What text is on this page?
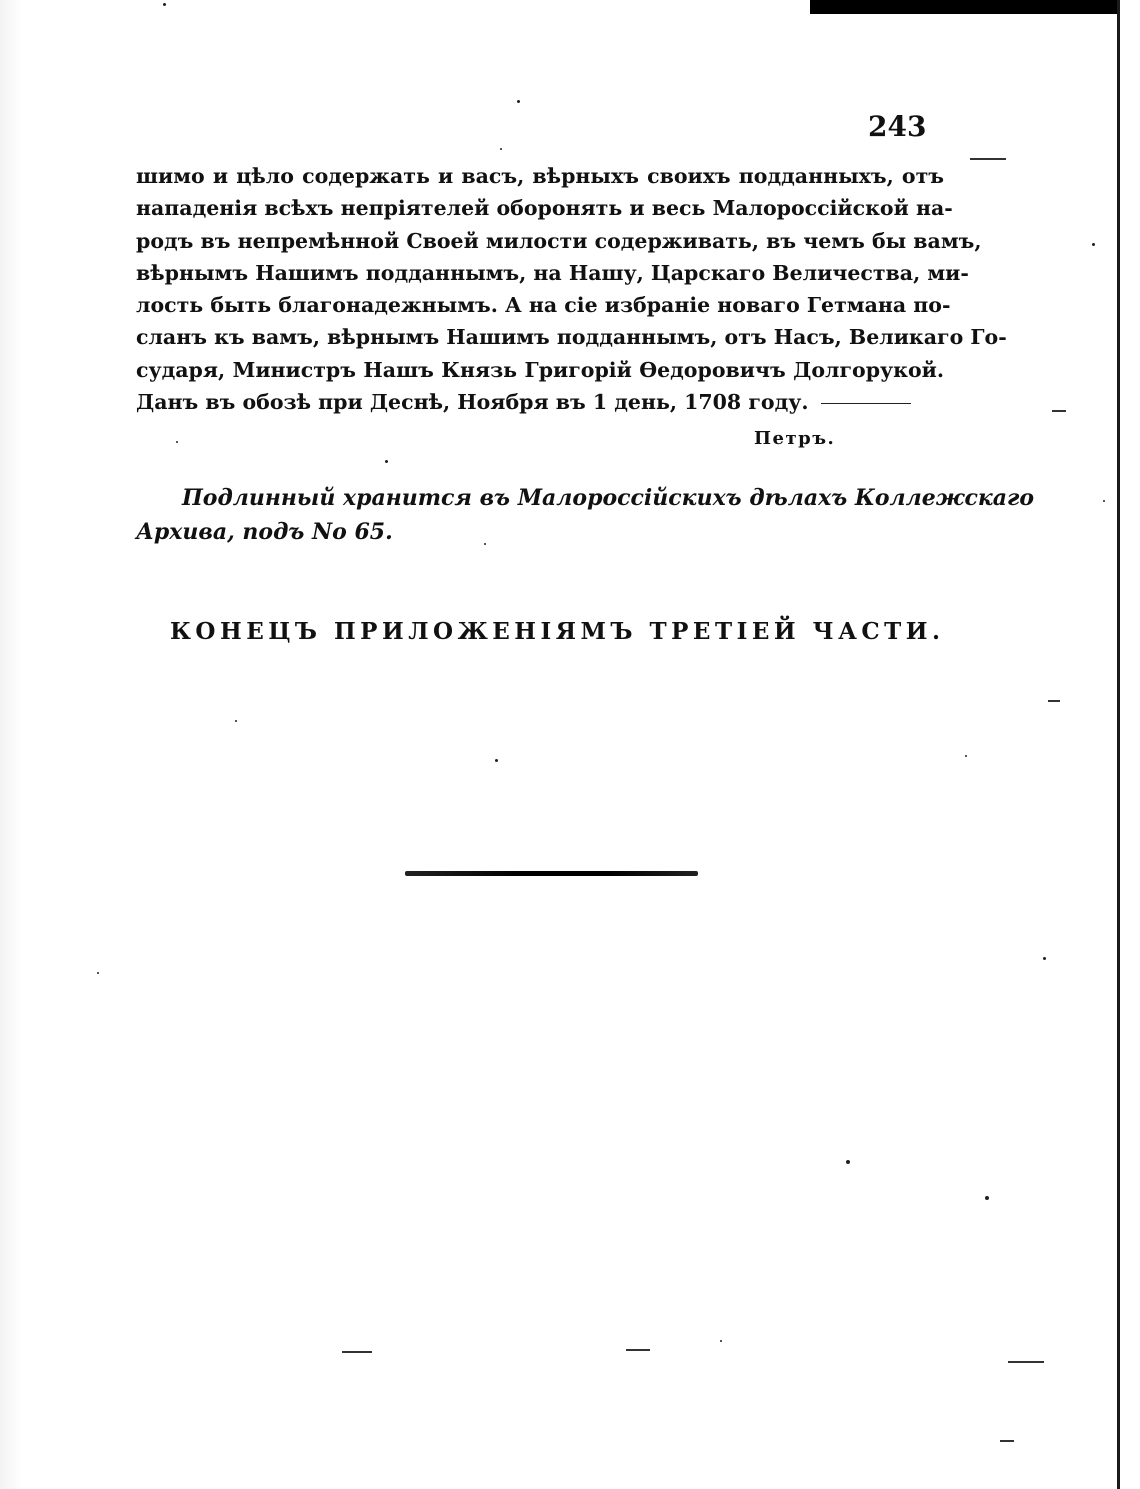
243
шимо и цѣло содержать и васъ, вѣрныхъ своихъ подданныхъ, отъ
нападенія всѣхъ непріятелей оборонять и весь Малороссійской на-
родъ въ непремѣнной Своей милости содерживать, въ чемъ бы вамъ,
вѣрнымъ Нашимъ подданнымъ, на Нашу, Царскаго Величества, ми-
лость быть благонадежнымъ. А на сіе избраніе новаго Гетмана по-
сланъ къ вамъ, вѣрнымъ Нашимъ подданнымъ, отъ Насъ, Великаго Го-
сударя, Министръ Нашъ Князь Григорій Өедоровичъ Долгорукой.
Данъ въ обозѣ при Деснѣ, Ноября въ 1 день, 1708 году.
Петръ.
Подлинный хранится въ Малороссійскихъ дѣлахъ Коллежскаго
Архива, подъ No 65.
КОНЕЦЪ ПРИЛОЖЕНІЯМЪ ТРЕТІЕЙ ЧАСТИ.
